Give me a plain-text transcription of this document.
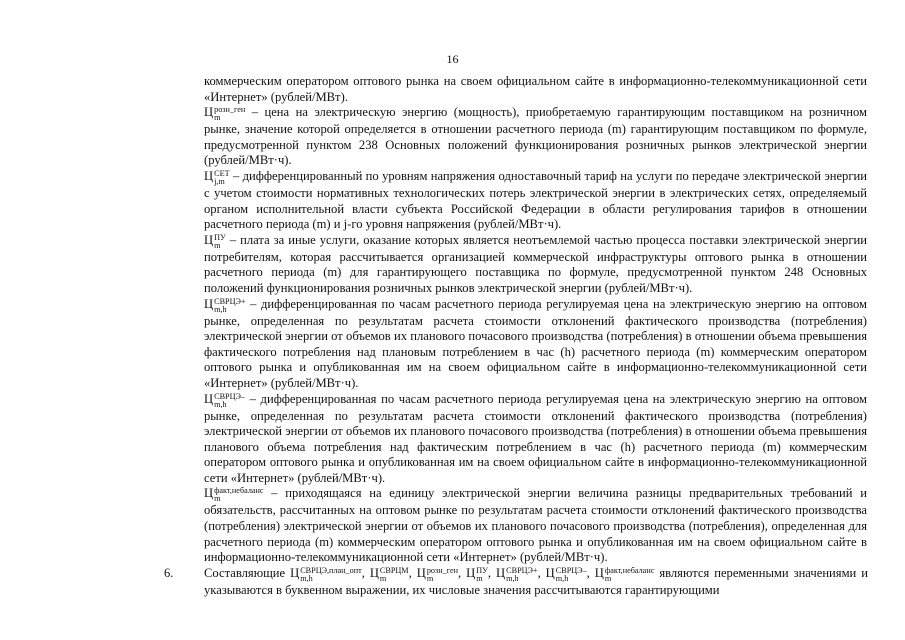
16

коммерческим оператором оптового рынка на своем официальном сайте в информационно-телекоммуникационной сети «Интернет» (рублей/МВт).

Ц розн_ген
m	– цена на электрическую энергию (мощность), приобретаемую гарантирующим поставщиком на розничном рынке, значение которой определяется в отношении расчетного периода (m) гарантирующим поставщиком по формуле, предусмотренной пунктом 238 Основных положений функционирования розничных рынков электрической энергии (рублей/МВт·ч).

Ц СЕТ
j,m – дифференцированный по уровням напряжения одноставочный тариф на услуги по передаче электрической энергии с учетом стоимости нормативных технологических потерь электрической энергии в электрических сетях, определяемый органом исполнительной власти субъекта Российской Федерации в области регулирования тарифов в отношении расчетного периода (m) и j-го уровня напряжения (рублей/МВт·ч).

Ц ПУ
m – плата за иные услуги, оказание которых является неотъемлемой частью процесса поставки электрической энергии потребителям, которая рассчитывается организацией коммерческой инфраструктуры оптового рынка в отношении расчетного периода (m) для гарантирующего поставщика по формуле, предусмотренной пунктом 248 Основных положений функционирования розничных рынков электрической энергии (рублей/МВт·ч).

Ц СВРЦЭ+
m,h	– дифференцированная по часам расчетного периода регулируемая цена на электрическую энергию на оптовом рынке, определенная по результатам расчета стоимости отклонений фактического производства (потребления) электрической энергии от объемов их планового почасового производства (потребления) в отношении объема превышения фактического потребления над плановым потреблением в час (h) расчетного периода (m) коммерческим оператором оптового рынка и опубликованная им на своем официальном сайте в информационно-телекоммуникационной сети «Интернет» (рублей/МВт·ч).

Ц СВРЦЭ–
m,h	– дифференцированная по часам расчетного периода регулируемая цена на электрическую энергию на оптовом рынке, определенная по результатам расчета стоимости отклонений фактического производства (потребления) электрической энергии от объемов их планового почасового производства (потребления) в отношении объема превышения планового объема потребления над фактическим потреблением в час (h) расчетного периода (m) коммерческим оператором оптового рынка и опубликованная им на своем официальном сайте в информационно-телекоммуникационной сети «Интернет» (рублей/МВт·ч).

Ц факт,небаланс
m	– приходящаяся на единицу электрической энергии величина разницы предварительных требований и обязательств, рассчитанных на оптовом рынке по результатам расчета стоимости отклонений фактического производства (потребления) электрической энергии от объемов их планового почасового производства (потребления), определенная для расчетного периода (m) коммерческим оператором оптового рынка и опубликованная им на своем официальном сайте в информационно-телекоммуникационной сети «Интернет» (рублей/МВт·ч).

6. Составляющие Ц СВРЦЭ,план_опт
m,h	, Ц СВРЦМ
m	, Ц розн_ген
m	, Ц ПУ
m , Ц СВРЦЭ+
m,h	, Ц СВРЦЭ–
m,h	, Ц факт,небаланс
m	являются переменными значениями и указываются в буквенном выражении, их числовые значения рассчитываются гарантирующими
